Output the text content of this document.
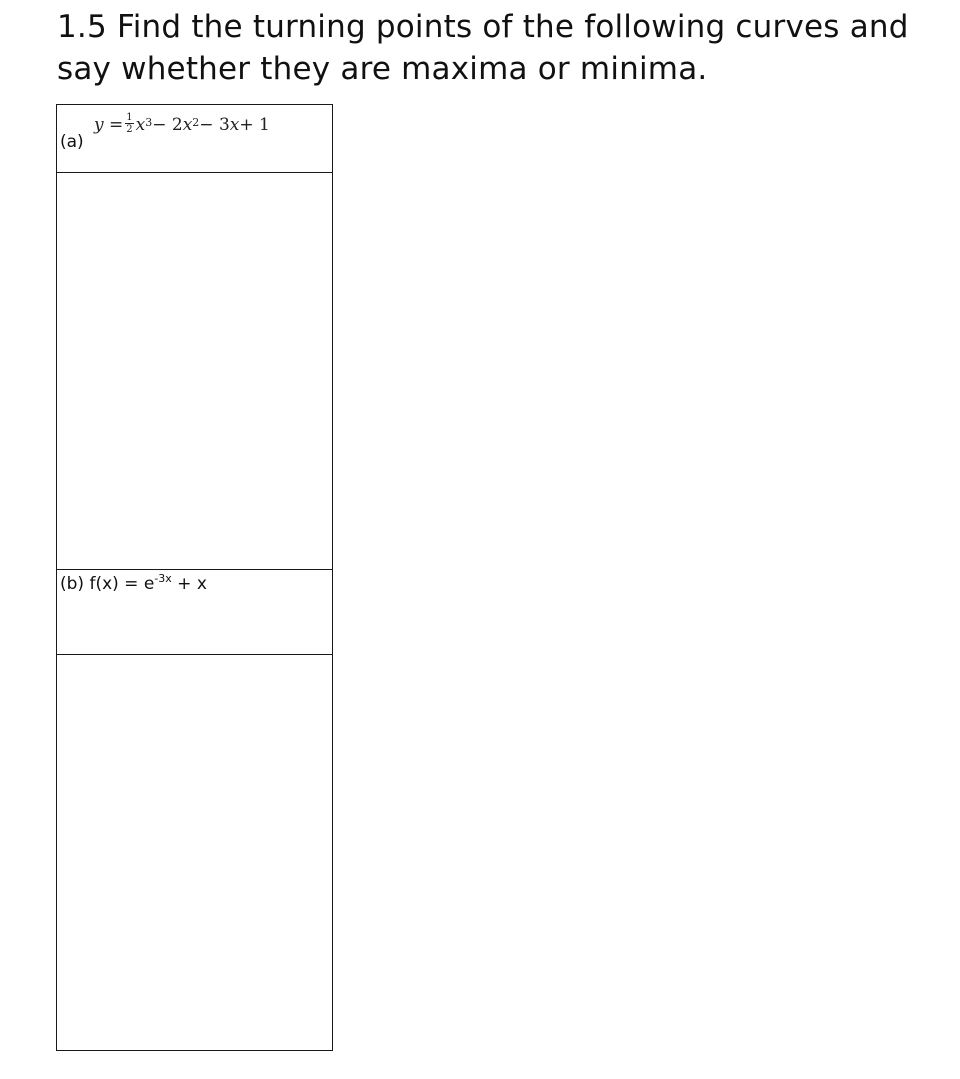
1.5 Find the turning points of the following curves and
say whether they are maxima or minima.
(a)
$y = \frac{1}{2} x^3 - 2$ $x^2 - 3$ x + 1

(b) $f(x) = e^{-3x} + x$
